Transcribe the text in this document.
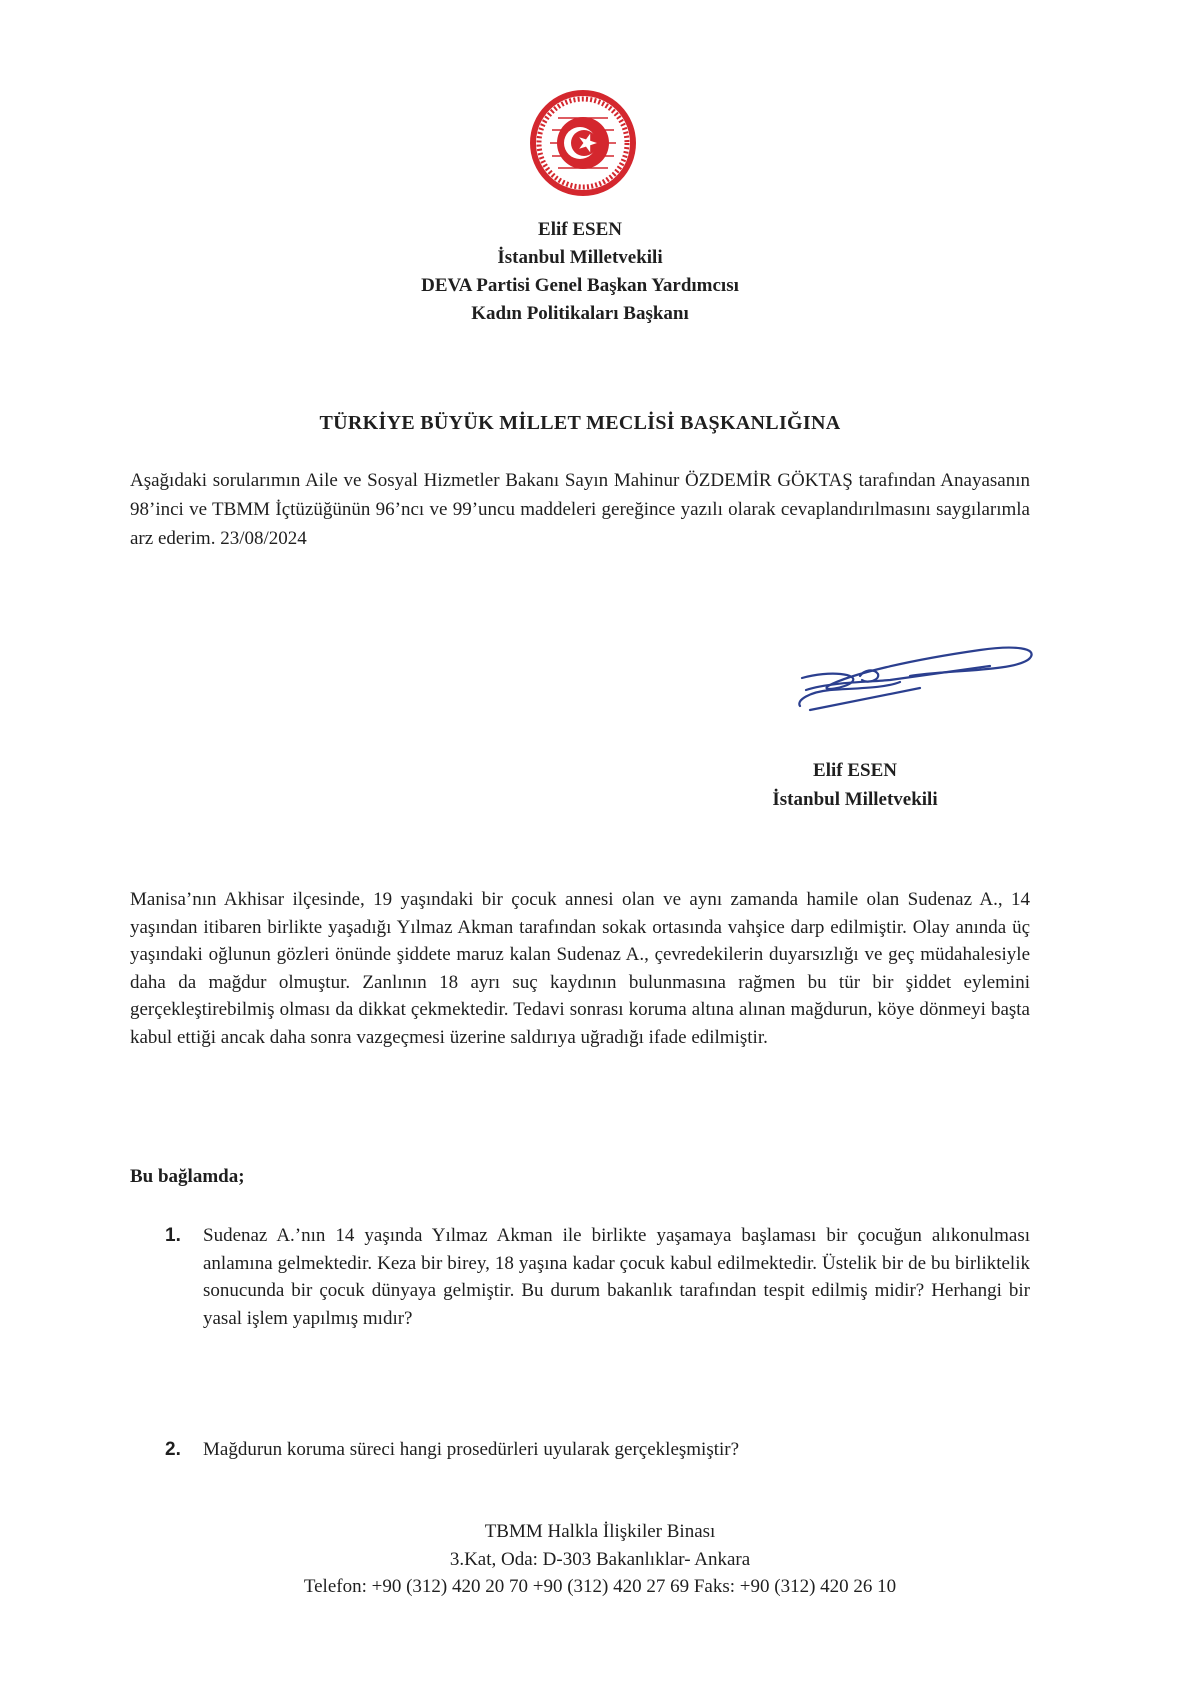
Elif ESEN
İstanbul Milletvekili
DEVA Partisi Genel Başkan Yardımcısı
Kadın Politikaları Başkanı
TÜRKİYE BÜYÜK MİLLET MECLİSİ BAŞKANLIĞINA
Aşağıdaki sorularımın Aile ve Sosyal Hizmetler Bakanı Sayın Mahinur ÖZDEMİR GÖKTAŞ tarafından Anayasanın 98’inci ve TBMM İçtüzüğünün 96’ncı ve 99’uncu maddeleri gereğince yazılı olarak cevaplandırılmasını saygılarımla arz ederim. 23/08/2024
Elif ESEN
İstanbul Milletvekili
Manisa’nın Akhisar ilçesinde, 19 yaşındaki bir çocuk annesi olan ve aynı zamanda hamile olan Sudenaz A., 14 yaşından itibaren birlikte yaşadığı Yılmaz Akman tarafından sokak ortasında vahşice darp edilmiştir. Olay anında üç yaşındaki oğlunun gözleri önünde şiddete maruz kalan Sudenaz A., çevredekilerin duyarsızlığı ve geç müdahalesiyle daha da mağdur olmuştur. Zanlının 18 ayrı suç kaydının bulunmasına rağmen bu tür bir şiddet eylemini gerçekleştirebilmiş olması da dikkat çekmektedir. Tedavi sonrası koruma altına alınan mağdurun, köye dönmeyi başta kabul ettiği ancak daha sonra vazgeçmesi üzerine saldırıya uğradığı ifade edilmiştir.
Bu bağlamda;
1. Sudenaz A.’nın 14 yaşında Yılmaz Akman ile birlikte yaşamaya başlaması bir çocuğun alıkonulması anlamına gelmektedir. Keza bir birey, 18 yaşına kadar çocuk kabul edilmektedir. Üstelik bir de bu birliktelik sonucunda bir çocuk dünyaya gelmiştir. Bu durum bakanlık tarafından tespit edilmiş midir? Herhangi bir yasal işlem yapılmış mıdır?
2. Mağdurun koruma süreci hangi prosedürleri uyularak gerçekleşmiştir?
TBMM Halkla İlişkiler Binası
3.Kat, Oda: D-303 Bakanlıklar- Ankara
Telefon: +90 (312) 420 20 70 +90 (312) 420 27 69 Faks: +90 (312) 420 26 10
